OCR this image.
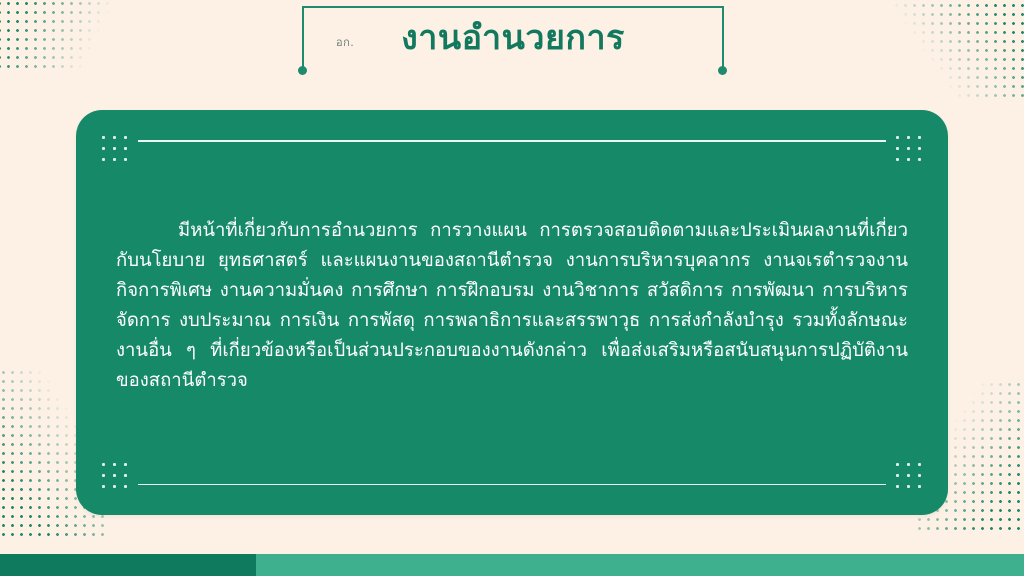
อก.	งานอำนวยการ
มีหน้าที่เกี่ยวกับการอำนวยการ การวางแผน การตรวจสอบติดตามและประเมินผลงานที่เกี่ยวกับนโยบาย ยุทธศาสตร์ และแผนงานของสถานีตำรวจ งานการบริหารบุคลากร งานจเรตำรวจงานกิจการพิเศษ งานความมั่นคง การศึกษา การฝึกอบรม งานวิชาการ สวัสดิการ การพัฒนา การบริหารจัดการ งบประมาณ การเงิน การพัสดุ การพลาธิการและสรรพาวุธ การส่งกำลังบำรุง รวมทั้งลักษณะงานอื่น ๆ ที่เกี่ยวข้องหรือเป็นส่วนประกอบของงานดังกล่าว เพื่อส่งเสริมหรือสนับสนุนการปฏิบัติงานของสถานีตำรวจ
